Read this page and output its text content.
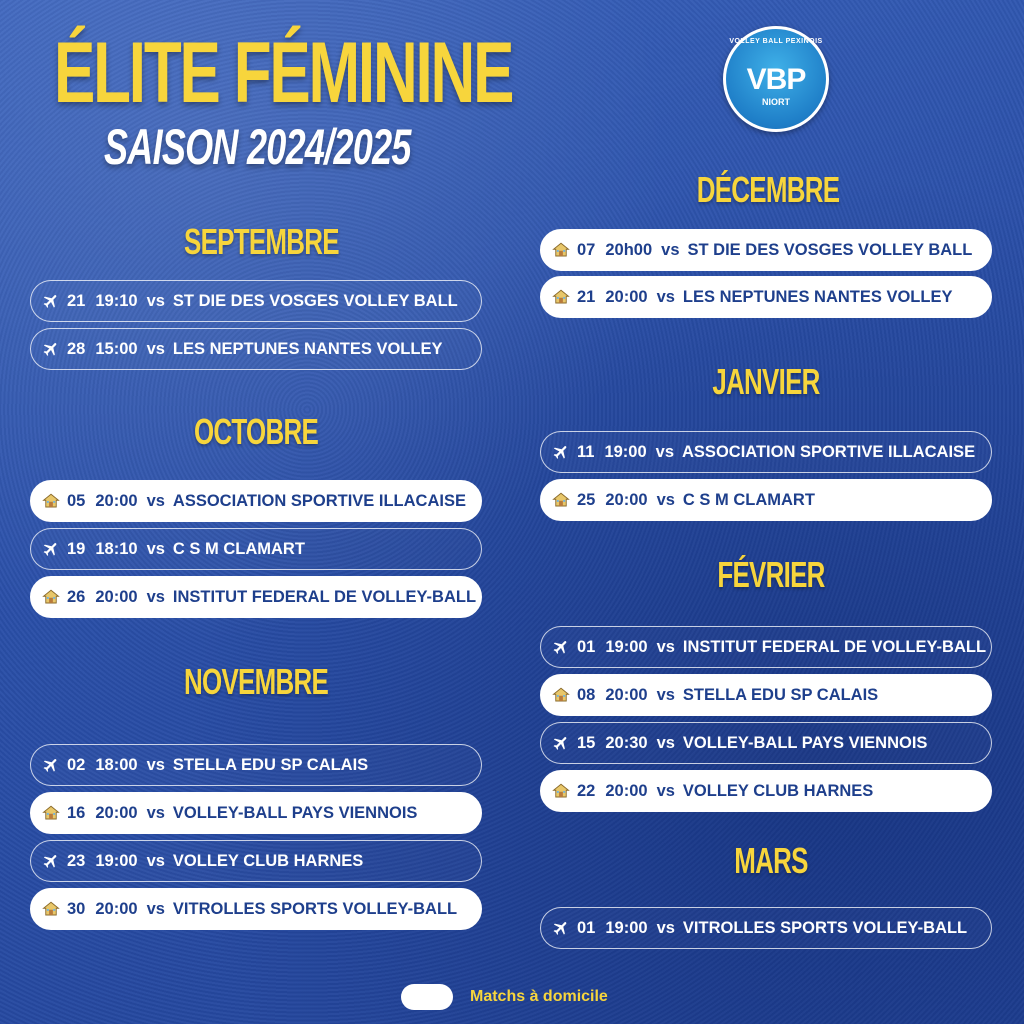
ÉLITE FÉMININE
SAISON 2024/2025
VOLLEY BALL PEXINOIS
VBP
NIORT
SEPTEMBRE
OCTOBRE
NOVEMBRE
DÉCEMBRE
JANVIER
FÉVRIER
MARS
Matchs à domicile
21 19:10 vs ST DIE DES VOSGES VOLLEY BALL
28 15:00 vs LES NEPTUNES NANTES VOLLEY
05 20:00 vs ASSOCIATION SPORTIVE ILLACAISE
19 18:10 vs C S M CLAMART
26 20:00 vs INSTITUT FEDERAL DE VOLLEY-BALL
02 18:00 vs STELLA EDU SP CALAIS
16 20:00 vs VOLLEY-BALL PAYS VIENNOIS
23 19:00 vs VOLLEY CLUB HARNES
30 20:00 vs VITROLLES SPORTS VOLLEY-BALL
07 20h00 vs ST DIE DES VOSGES VOLLEY BALL
21 20:00 vs LES NEPTUNES NANTES VOLLEY
11 19:00 vs ASSOCIATION SPORTIVE ILLACAISE
25 20:00 vs C S M CLAMART
01 19:00 vs INSTITUT FEDERAL DE VOLLEY-BALL
08 20:00 vs STELLA EDU SP CALAIS
15 20:30 vs VOLLEY-BALL PAYS VIENNOIS
22 20:00 vs VOLLEY CLUB HARNES
01 19:00 vs VITROLLES SPORTS VOLLEY-BALL
